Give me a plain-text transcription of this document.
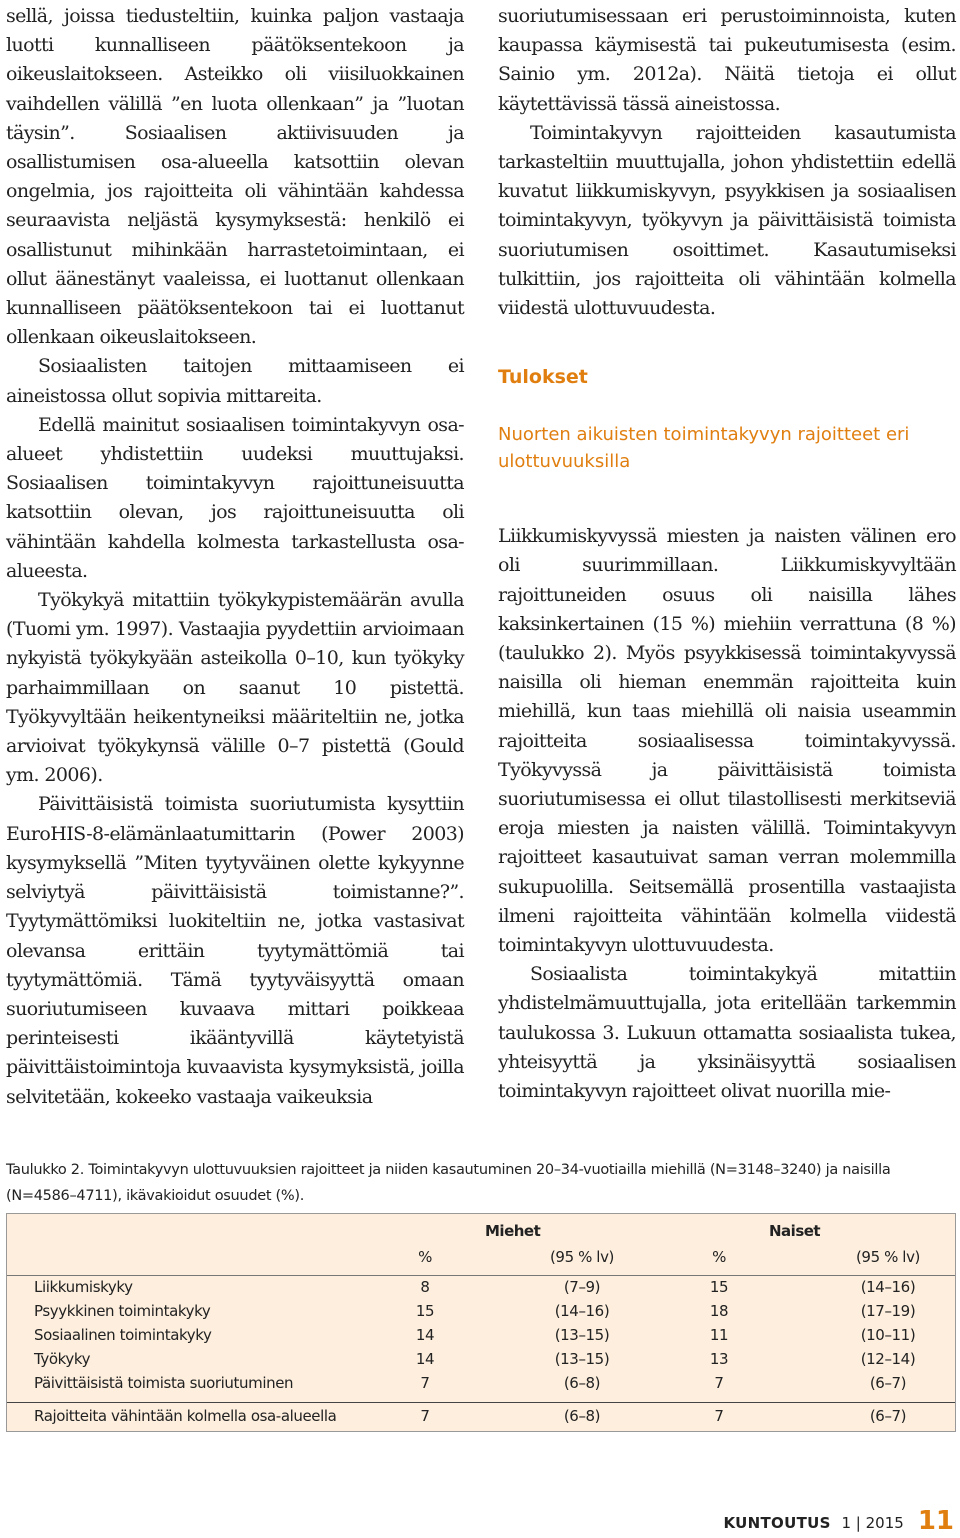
sellä, joissa tiedusteltiin, kuinka paljon vastaaja luotti kunnalliseen päätöksentekoon ja oikeuslaitokseen. Asteikko oli viisiluokkainen vaihdellen välillä ”en luota ollenkaan” ja ”luotan täysin”. Sosiaalisen aktiivisuuden ja osallistumisen osa-alueella katsottiin olevan ongelmia, jos rajoitteita oli vähintään kahdessa seuraavista neljästä kysymyksestä: henkilö ei osallistunut mihinkään harrastetoimintaan, ei ollut äänestänyt vaaleissa, ei luottanut ollenkaan kunnalliseen päätöksentekoon tai ei luottanut ollenkaan oikeuslaitokseen.

Sosiaalisten taitojen mittaamiseen ei aineistossa ollut sopivia mittareita.

Edellä mainitut sosiaalisen toimintakyvyn osa-alueet yhdistettiin uudeksi muuttujaksi. Sosiaalisen toimintakyvyn rajoittuneisuutta katsottiin olevan, jos rajoittuneisuutta oli vähintään kahdella kolmesta tarkastellusta osa-alueesta.

Työkykyä mitattiin työkykypistemäärän avulla (Tuomi ym. 1997). Vastaajia pyydettiin arvioimaan nykyistä työkykyään asteikolla 0–10, kun työkyky parhaimmillaan on saanut 10 pistettä. Työkyvyltään heikentyneiksi määriteltiin ne, jotka arvioivat työkykynsä välille 0–7 pistettä (Gould ym. 2006).

Päivittäisistä toimista suoriutumista kysyttiin EuroHIS-8-elämänlaatumittarin (Power 2003) kysymyksellä ”Miten tyytyväinen olette kykyynne selviytyä päivittäisistä toimistanne?”. Tyytymättömiksi luokiteltiin ne, jotka vastasivat olevansa erittäin tyytymättömiä tai tyytymättömiä. Tämä tyytyväisyyttä omaan suoriutumiseen kuvaava mittari poikkeaa perinteisesti ikääntyvillä käytetyistä päivittäistoimintoja kuvaavista kysymyksistä, joilla selvitetään, kokeeko vastaaja vaikeuksia

suoriutumisessaan eri perustoiminnoista, kuten kaupassa käymisestä tai pukeutumisesta (esim. Sainio ym. 2012a). Näitä tietoja ei ollut käytettävissä tässä aineistossa.

Toimintakyvyn rajoitteiden kasautumista tarkasteltiin muuttujalla, johon yhdistettiin edellä kuvatut liikkumiskyvyn, psyykkisen ja sosiaalisen toimintakyvyn, työkyvyn ja päivittäisistä toimista suoriutumisen osoittimet. Kasautumiseksi tulkittiin, jos rajoitteita oli vähintään kolmella viidestä ulottuvuudesta.

Tulokset
Nuorten aikuisten toimintakyvyn rajoitteet eri ulottuvuuksilla

Liikkumiskyvyssä miesten ja naisten välinen ero oli suurimmillaan. Liikkumiskyvyltään rajoittuneiden osuus oli naisilla lähes kaksinkertainen (15 %) miehiin verrattuna (8 %) (taulukko 2). Myös psyykkisessä toimintakyvyssä naisilla oli hieman enemmän rajoitteita kuin miehillä, kun taas miehillä oli naisia useammin rajoitteita sosiaalisessa toimintakyvyssä. Työkyvyssä ja päivittäisistä toimista suoriutumisessa ei ollut tilastollisesti merkitseviä eroja miesten ja naisten välillä. Toimintakyvyn rajoitteet kasautuivat saman verran molemmilla sukupuolilla. Seitsemällä prosentilla vastaajista ilmeni rajoitteita vähintään kolmella viidestä toimintakyvyn ulottuvuudesta.

Sosiaalista toimintakykyä mitattiin yhdistelmämuuttujalla, jota eritellään tarkemmin taulukossa 3. Lukuun ottamatta sosiaalista tukea, yhteisyyttä ja yksinäisyyttä sosiaalisen toimintakyvyn rajoitteet olivat nuorilla mie-

Taulukko 2. Toimintakyvyn ulottuvuuksien rajoitteet ja niiden kasautuminen 20–34-vuotiailla miehillä (N=3148–3240) ja naisilla (N=4586–4711), ikävakioidut osuudet (%).
Miehet	Naiset
%	(95 % lv)	%	(95 % lv)
Liikkumiskyky	8	(7–9)	15	(14–16)
Psyykkinen toimintakyky	15	(14–16)	18	(17–19)
Sosiaalinen toimintakyky	14	(13–15)	11	(10–11)
Työkyky	14	(13–15)	13	(12–14)
Päivittäisistä toimista suoriutuminen	7	(6–8)	7	(6–7)
Rajoitteita vähintään kolmella osa-alueella	7	(6–8)	7	(6–7)
KUNTOUTUS 1 | 2015 11
